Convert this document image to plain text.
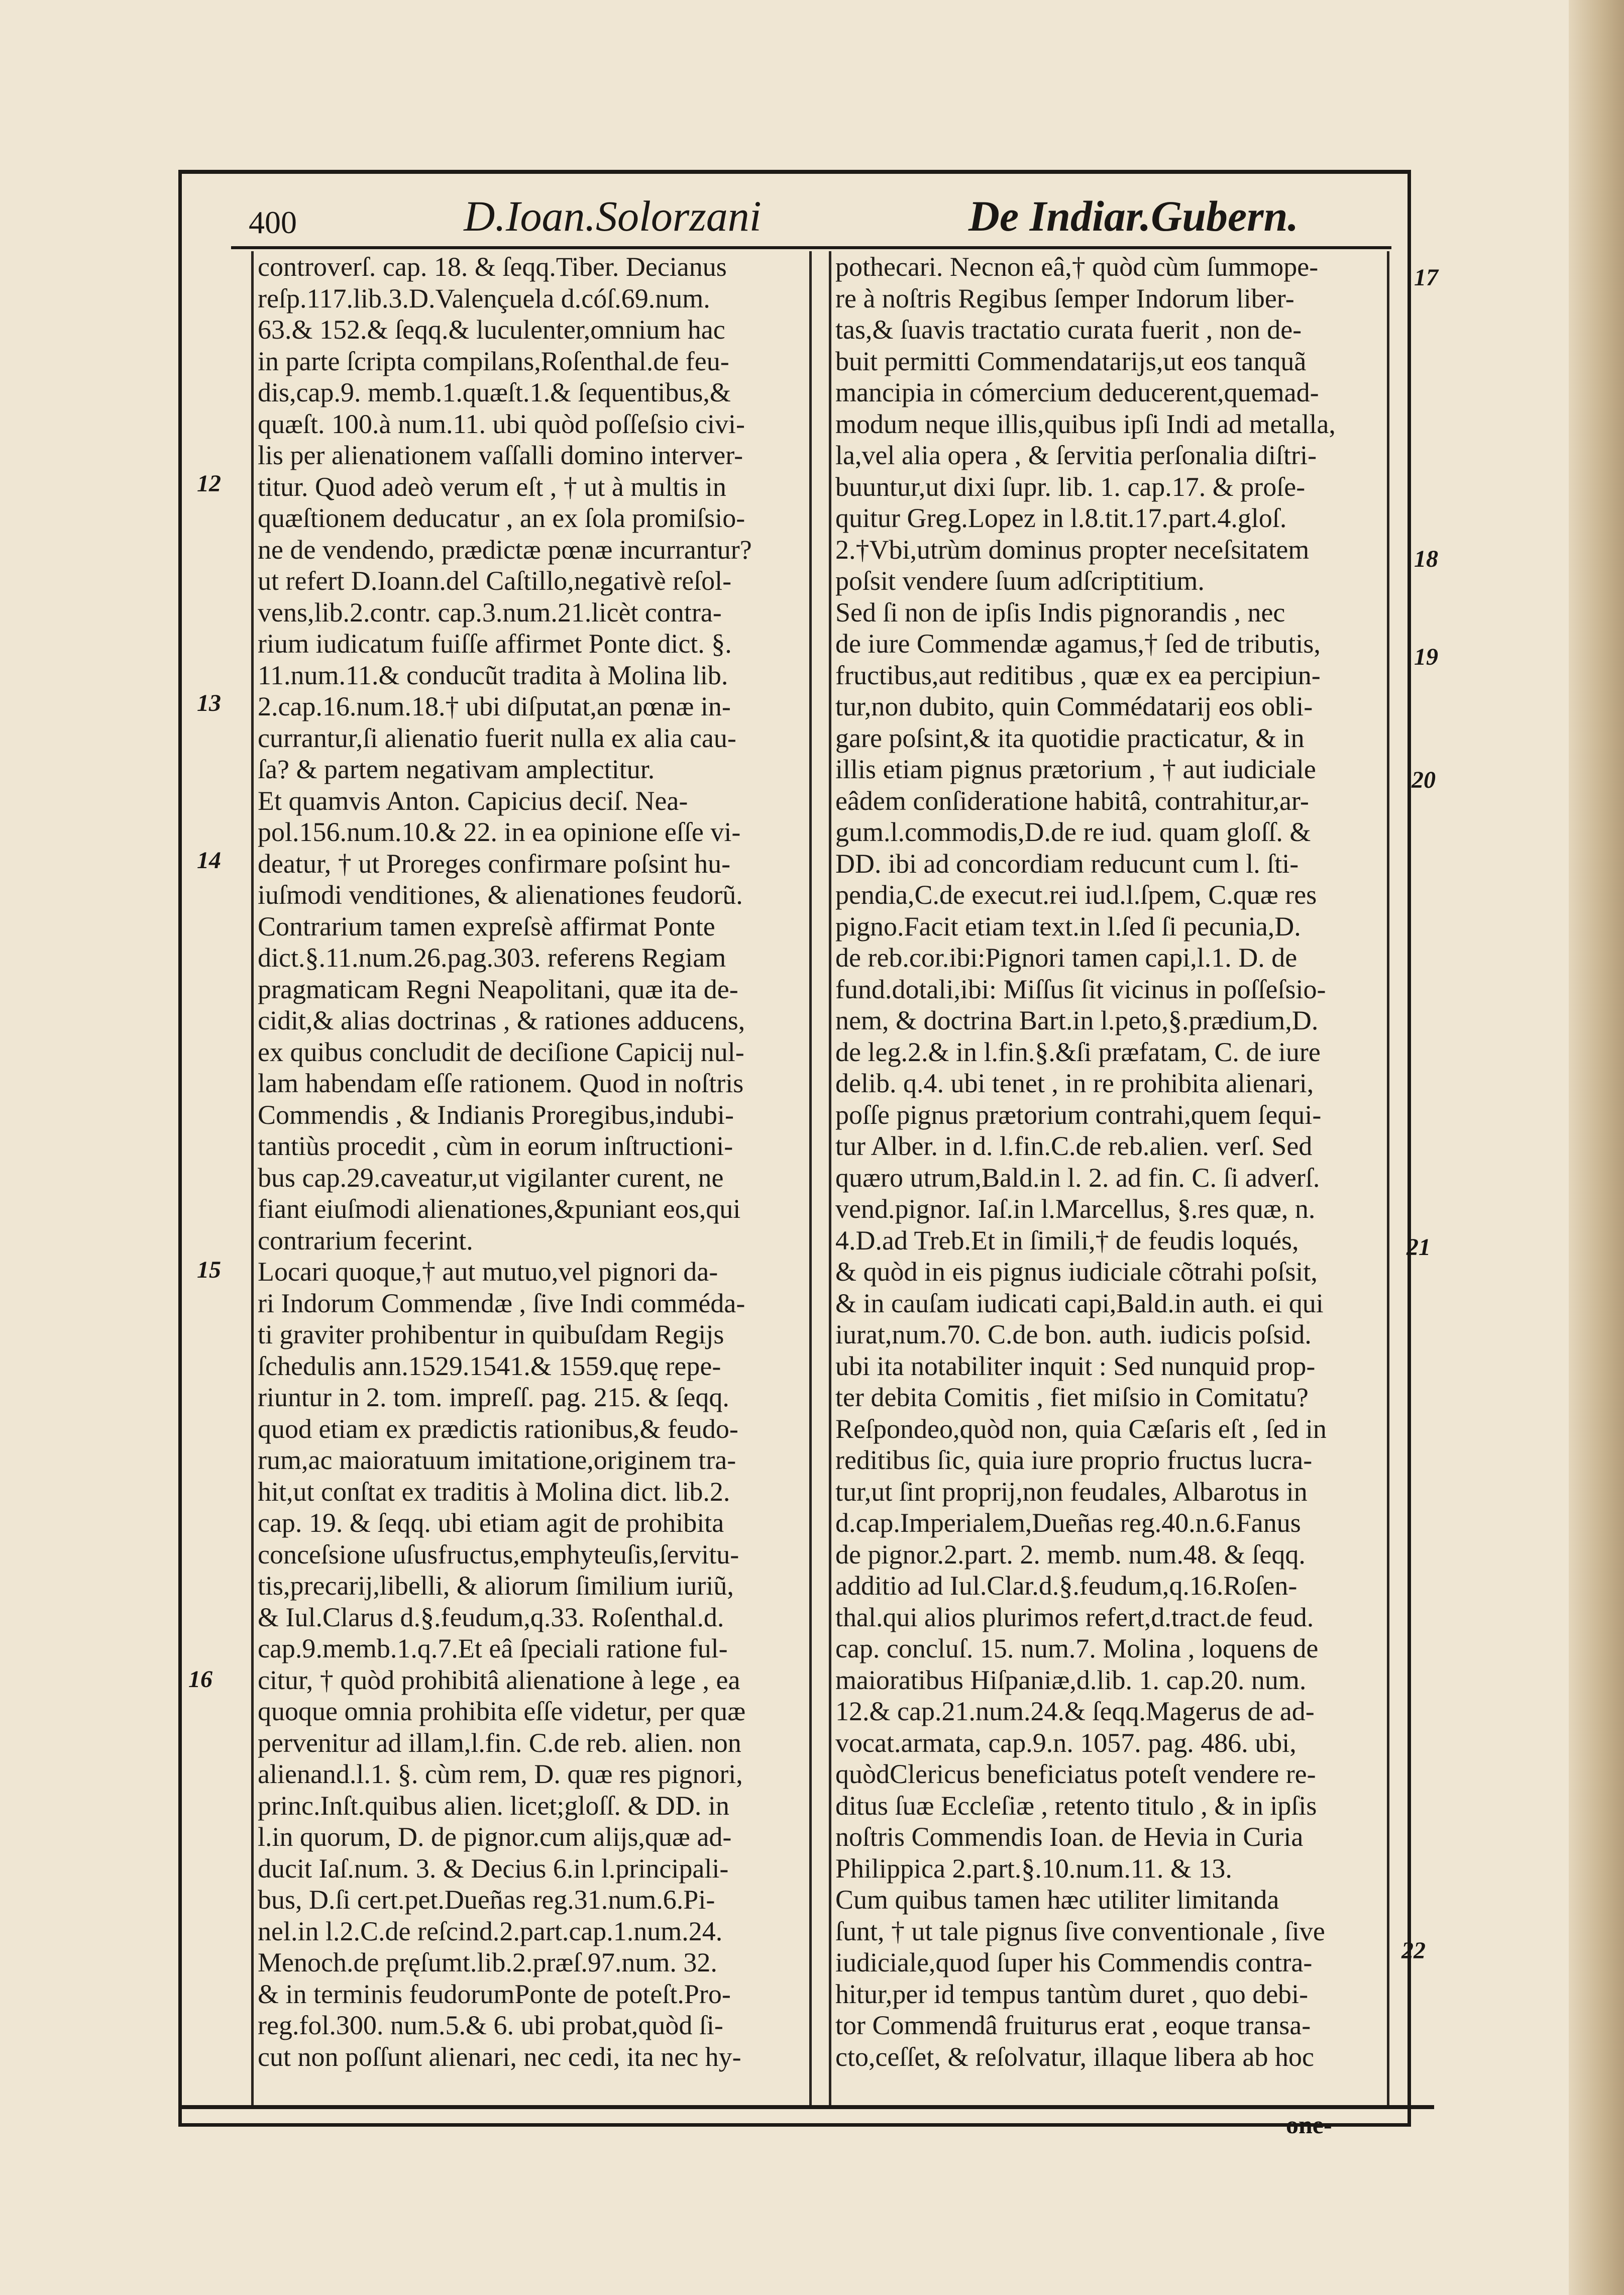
400	D.Ioan.Solorzani	De Indiar.Gubern.
controverſ. cap. 18. & ſeqq.Tiber. Decianus
reſp.117.lib.3.D.Valençuela d.cóſ.69.num.
63.& 152.& ſeqq.& luculenter,omnium hac
in parte ſcripta compilans,Roſenthal.de feu-
dis,cap.9. memb.1.quæſt.1.& ſequentibus,&
quæſt. 100.à num.11. ubi quòd poſſeſsio civi-
lis per alienationem vaſſalli domino interver-
titur. Quod adeò verum eſt , † ut à multis in
quæſtionem deducatur , an ex ſola promiſsio-
ne de vendendo, prædictæ pœnæ incurrantur?
ut refert D.Ioann.del Caſtillo,negativè reſol-
vens,lib.2.contr. cap.3.num.21.licèt contra-
rium iudicatum fuiſſe affirmet Ponte dict. §.
11.num.11.& conducũt tradita à Molina lib.
2.cap.16.num.18.† ubi diſputat,an pœnæ in-
currantur,ſi alienatio fuerit nulla ex alia cau-
ſa? & partem negativam amplectitur.
Et quamvis Anton. Capicius deciſ. Nea-
pol.156.num.10.& 22. in ea opinione eſſe vi-
deatur, † ut Proreges confirmare poſsint hu-
iuſmodi venditiones, & alienationes feudorũ.
Contrarium tamen expreſsè affirmat Ponte
dict.§.11.num.26.pag.303. referens Regiam
pragmaticam Regni Neapolitani, quæ ita de-
cidit,& alias doctrinas , & rationes adducens,
ex quibus concludit de deciſione Capicij nul-
lam habendam eſſe rationem. Quod in noſtris
Commendis , & Indianis Proregibus,indubi-
tantiùs procedit , cùm in eorum inſtructioni-
bus cap.29.caveatur,ut vigilanter curent, ne
fiant eiuſmodi alienationes,&puniant eos,qui
contrarium fecerint.
Locari quoque,† aut mutuo,vel pignori da-
ri Indorum Commendæ , ſive Indi comméda-
ti graviter prohibentur in quibuſdam Regijs
ſchedulis ann.1529.1541.& 1559.quę repe-
riuntur in 2. tom. impreſſ. pag. 215. & ſeqq.
quod etiam ex prædictis rationibus,& feudo-
rum,ac maioratuum imitatione,originem tra-
hit,ut conſtat ex traditis à Molina dict. lib.2.
cap. 19. & ſeqq. ubi etiam agit de prohibita
conceſsione uſusfructus,emphyteuſis,ſervitu-
tis,precarij,libelli, & aliorum ſimilium iuriũ,
& Iul.Clarus d.§.feudum,q.33. Roſenthal.d.
cap.9.memb.1.q.7.Et eâ ſpeciali ratione ful-
citur, † quòd prohibitâ alienatione à lege , ea
quoque omnia prohibita eſſe videtur, per quæ
pervenitur ad illam,l.fin. C.de reb. alien. non
alienand.l.1. §. cùm rem, D. quæ res pignori,
princ.Inſt.quibus alien. licet;gloſſ. & DD. in
l.in quorum, D. de pignor.cum alijs,quæ ad-
ducit Iaſ.num. 3. & Decius 6.in l.principali-
bus, D.ſi cert.pet.Dueñas reg.31.num.6.Pi-
nel.in l.2.C.de reſcind.2.part.cap.1.num.24.
Menoch.de pręſumt.lib.2.præſ.97.num. 32.
& in terminis feudorumPonte de poteſt.Pro-
reg.fol.300. num.5.& 6. ubi probat,quòd ſi-
cut non poſſunt alienari, nec cedi, ita nec hy-
pothecari. Necnon eâ,† quòd cùm ſummope-
re à noſtris Regibus ſemper Indorum liber-
tas,& ſuavis tractatio curata fuerit , non de-
buit permitti Commendatarijs,ut eos tanquã
mancipia in cómercium deducerent,quemad-
modum neque illis,quibus ipſi Indi ad metalla,
la,vel alia opera , & ſervitia perſonalia diſtri-
buuntur,ut dixi ſupr. lib. 1. cap.17. & proſe-
quitur Greg.Lopez in l.8.tit.17.part.4.gloſ.
2.†Vbi,utrùm dominus propter neceſsitatem
poſsit vendere ſuum adſcriptitium.
Sed ſi non de ipſis Indis pignorandis , nec
de iure Commendæ agamus,† ſed de tributis,
fructibus,aut reditibus , quæ ex ea percipiun-
tur,non dubito, quin Commédatarij eos obli-
gare poſsint,& ita quotidie practicatur, & in
illis etiam pignus prætorium , † aut iudiciale
eâdem conſideratione habitâ, contrahitur,ar-
gum.l.commodis,D.de re iud. quam gloſſ. &
DD. ibi ad concordiam reducunt cum l. ſti-
pendia,C.de execut.rei iud.l.ſpem, C.quæ res
pigno.Facit etiam text.in l.ſed ſi pecunia,D.
de reb.cor.ibi:Pignori tamen capi,l.1. D. de
fund.dotali,ibi: Miſſus ſit vicinus in poſſeſsio-
nem, & doctrina Bart.in l.peto,§.prædium,D.
de leg.2.& in l.fin.§.&ſi præfatam, C. de iure
delib. q.4. ubi tenet , in re prohibita alienari,
poſſe pignus prætorium contrahi,quem ſequi-
tur Alber. in d. l.fin.C.de reb.alien. verſ. Sed
quæro utrum,Bald.in l. 2. ad fin. C. ſi adverſ.
vend.pignor. Iaſ.in l.Marcellus, §.res quæ, n.
4.D.ad Treb.Et in ſimili,† de feudis loqués,
& quòd in eis pignus iudiciale cõtrahi poſsit,
& in cauſam iudicati capi,Bald.in auth. ei qui
iurat,num.70. C.de bon. auth. iudicis poſsid.
ubi ita notabiliter inquit : Sed nunquid prop-
ter debita Comitis , fiet miſsio in Comitatu?
Reſpondeo,quòd non, quia Cæſaris eſt , ſed in
reditibus ſic, quia iure proprio fructus lucra-
tur,ut ſint proprij,non feudales, Albarotus in
d.cap.Imperialem,Dueñas reg.40.n.6.Fanus
de pignor.2.part. 2. memb. num.48. & ſeqq.
additio ad Iul.Clar.d.§.feudum,q.16.Roſen-
thal.qui alios plurimos refert,d.tract.de feud.
cap. concluſ. 15. num.7. Molina , loquens de
maioratibus Hiſpaniæ,d.lib. 1. cap.20. num.
12.& cap.21.num.24.& ſeqq.Magerus de ad-
vocat.armata, cap.9.n. 1057. pag. 486. ubi,
quòdClericus beneficiatus poteſt vendere re-
ditus ſuæ Eccleſiæ , retento titulo , & in ipſis
noſtris Commendis Ioan. de Hevia in Curia
Philippica 2.part.§.10.num.11. & 13.
Cum quibus tamen hæc utiliter limitanda
ſunt, † ut tale pignus ſive conventionale , ſive
iudiciale,quod ſuper his Commendis contra-
hitur,per id tempus tantùm duret , quo debi-
tor Commendâ fruiturus erat , eoque transa-
cto,ceſſet, & reſolvatur, illaque libera ab hoc
12
13
14
15
16
17
18
19
20
21
22
one-
